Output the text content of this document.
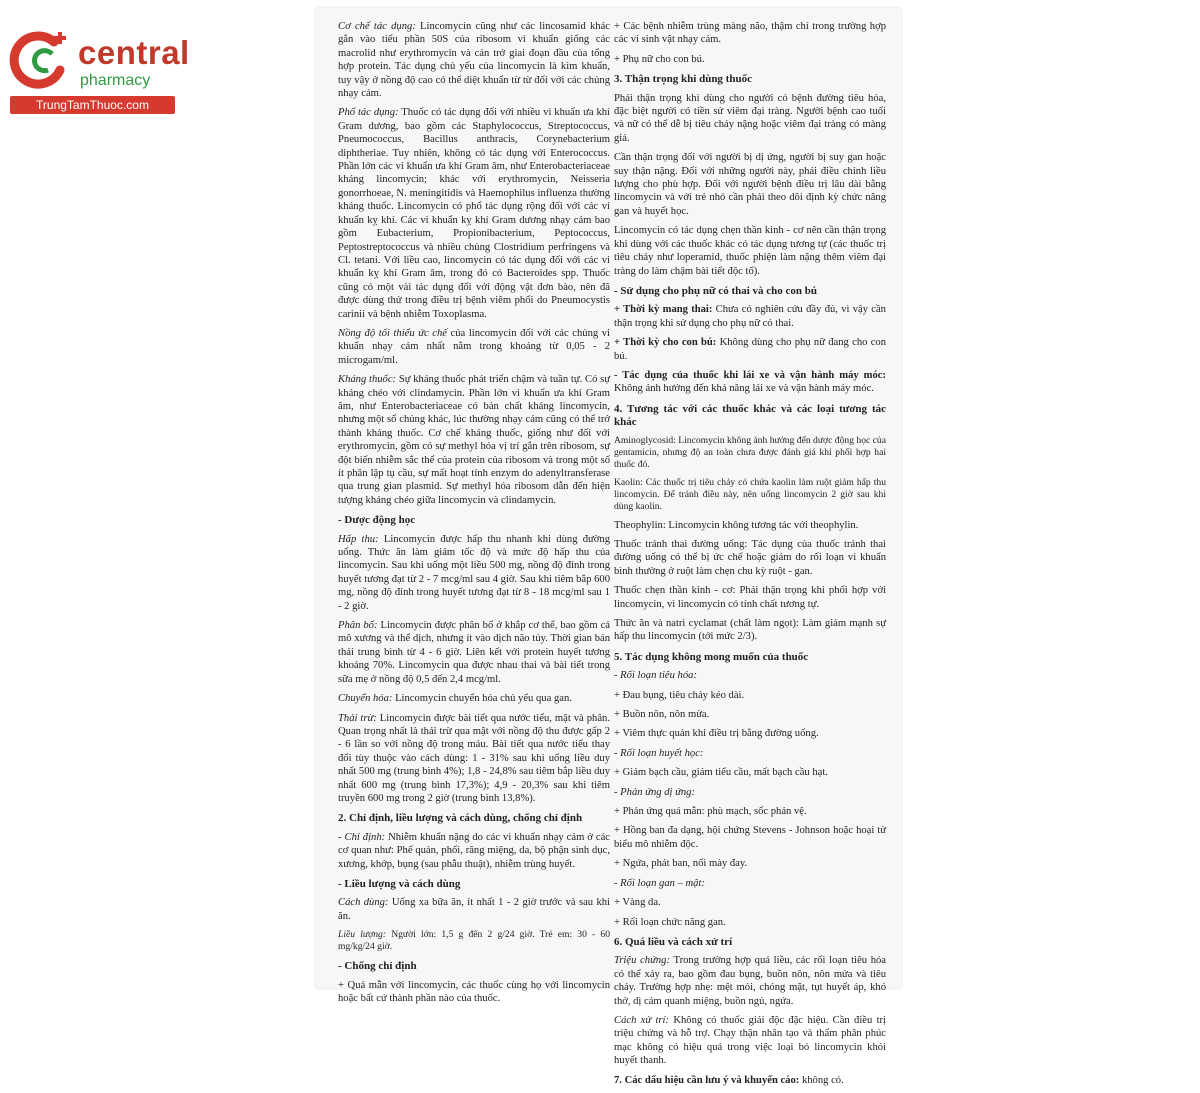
central
pharmacy
TrungTamThuoc.com

Cơ chế tác dụng: Lincomycin cũng như các lincosamid khác gắn vào tiểu phần 50S của ribosom vi khuẩn giống các macrolid như erythromycin và cản trở giai đoạn đầu của tổng hợp protein. Tác dụng chủ yếu của lincomycin là kìm khuẩn, tuy vậy ở nồng độ cao có thể diệt khuẩn từ từ đối với các chủng nhạy cảm.

Phổ tác dụng: Thuốc có tác dụng đối với nhiều vi khuẩn ưa khí Gram dương, bao gồm các Staphylococcus, Streptococcus, Pneumococcus, Bacillus anthracis, Corynebacterium diphtheriae. Tuy nhiên, không có tác dụng với Enterococcus. Phần lớn các vi khuẩn ưa khí Gram âm, như Enterobacteriaceae kháng lincomycin; khác với erythromycin, Neisseria gonorrhoeae, N. meningitidis và Haemophilus influenza thường kháng thuốc. Lincomycin có phổ tác dụng rộng đối với các vi khuẩn kỵ khí. Các vi khuẩn kỵ khí Gram dương nhạy cảm bao gồm Eubacterium, Propionibacterium, Peptococcus, Peptostreptococcus và nhiều chủng Clostridium perfringens và Cl. tetani. Với liều cao, lincomycin có tác dụng đối với các vi khuẩn kỵ khí Gram âm, trong đó có Bacteroides spp. Thuốc cũng có một vài tác dụng đối với động vật đơn bào, nên đã được dùng thử trong điều trị bệnh viêm phổi do Pneumocystis carinii và bệnh nhiễm Toxoplasma.

Nồng độ tối thiểu ức chế của lincomycin đối với các chủng vi khuẩn nhạy cảm nhất nằm trong khoảng từ 0,05 - 2 microgam/ml.

Kháng thuốc: Sự kháng thuốc phát triển chậm và tuần tự. Có sự kháng chéo với clindamycin. Phần lớn vi khuẩn ưa khí Gram âm, như Enterobacteriaceae có bản chất kháng lincomycin, nhưng một số chủng khác, lúc thường nhạy cảm cũng có thể trở thành kháng thuốc. Cơ chế kháng thuốc, giống như đối với erythromycin, gồm có sự methyl hóa vị trí gắn trên ribosom, sự đột biến nhiễm sắc thể của protein của ribosom và trong một số ít phân lập tụ cầu, sự mất hoạt tính enzym do adenyltransferase qua trung gian plasmid. Sự methyl hóa ribosom dẫn đến hiện tượng kháng chéo giữa lincomycin và clindamycin.

- Dược động học

Hấp thu: Lincomycin được hấp thu nhanh khi dùng đường uống. Thức ăn làm giảm tốc độ và mức độ hấp thu của lincomycin. Sau khi uống một liều 500 mg, nồng độ đỉnh trong huyết tương đạt từ 2 - 7 mcg/ml sau 4 giờ. Sau khi tiêm bắp 600 mg, nồng độ đỉnh trong huyết tương đạt từ 8 - 18 mcg/ml sau 1 - 2 giờ.

Phân bố: Lincomycin được phân bố ở khắp cơ thể, bao gồm cả mô xương và thể dịch, nhưng ít vào dịch não tủy. Thời gian bán thải trung bình từ 4 - 6 giờ. Liên kết với protein huyết tương khoảng 70%. Lincomycin qua được nhau thai và bài tiết trong sữa mẹ ở nồng độ 0,5 đến 2,4 mcg/ml.

Chuyển hóa: Lincomycin chuyển hóa chủ yếu qua gan.

Thải trừ: Lincomycin được bài tiết qua nước tiểu, mật và phân. Quan trọng nhất là thải trừ qua mật với nồng độ thu được gấp 2 - 6 lần so với nồng độ trong máu. Bài tiết qua nước tiểu thay đổi tùy thuộc vào cách dùng: 1 - 31% sau khi uống liều duy nhất 500 mg (trung bình 4%); 1,8 - 24,8% sau tiêm bắp liều duy nhất 600 mg (trung bình 17,3%); 4,9 - 20,3% sau khi tiêm truyền 600 mg trong 2 giờ (trung bình 13,8%).

2. Chỉ định, liều lượng và cách dùng, chống chỉ định

- Chỉ định: Nhiễm khuẩn nặng do các vi khuẩn nhạy cảm ở các cơ quan như: Phế quản, phổi, răng miệng, da, bộ phận sinh dục, xương, khớp, bụng (sau phẫu thuật), nhiễm trùng huyết.

- Liều lượng và cách dùng

Cách dùng: Uống xa bữa ăn, ít nhất 1 - 2 giờ trước và sau khi ăn.

Liều lượng: Người lớn: 1,5 g đến 2 g/24 giờ. Trẻ em: 30 - 60 mg/kg/24 giờ.

- Chống chỉ định

+ Quá mẫn với lincomycin, các thuốc cùng họ với lincomycin hoặc bất cứ thành phần nào của thuốc.

+ Các bệnh nhiễm trùng màng não, thậm chí trong trường hợp các vi sinh vật nhạy cảm.

+ Phụ nữ cho con bú.

3. Thận trọng khi dùng thuốc

Phải thận trọng khi dùng cho người có bệnh đường tiêu hóa, đặc biệt người có tiền sử viêm đại tràng. Người bệnh cao tuổi và nữ có thể dễ bị tiêu chảy nặng hoặc viêm đại tràng có màng giả.

Cần thận trọng đối với người bị dị ứng, người bị suy gan hoặc suy thận nặng. Đối với những người này, phải điều chỉnh liều lượng cho phù hợp. Đối với người bệnh điều trị lâu dài bằng lincomycin và với trẻ nhỏ cần phải theo dõi định kỳ chức năng gan và huyết học.

Lincomycin có tác dụng chẹn thần kinh - cơ nên cần thận trọng khi dùng với các thuốc khác có tác dụng tương tự (các thuốc trị tiêu chảy như loperamid, thuốc phiện làm nặng thêm viêm đại tràng do làm chậm bài tiết độc tố).

- Sử dụng cho phụ nữ có thai và cho con bú

+ Thời kỳ mang thai: Chưa có nghiên cứu đầy đủ, vì vậy cần thận trọng khi sử dụng cho phụ nữ có thai.

+ Thời kỳ cho con bú: Không dùng cho phụ nữ đang cho con bú.

- Tác dụng của thuốc khi lái xe và vận hành máy móc: Không ảnh hưởng đến khả năng lái xe và vận hành máy móc.

4. Tương tác với các thuốc khác và các loại tương tác khác

Aminoglycosid: Lincomycin không ảnh hưởng đến dược động học của gentamicin, nhưng độ an toàn chưa được đánh giá khi phối hợp hai thuốc đó.

Kaolin: Các thuốc trị tiêu chảy có chứa kaolin làm ruột giảm hấp thu lincomycin. Để tránh điều này, nên uống lincomycin 2 giờ sau khi dùng kaolin.

Theophylin: Lincomycin không tương tác với theophylin.

Thuốc tránh thai đường uống: Tác dụng của thuốc tránh thai đường uống có thể bị ức chế hoặc giảm do rối loạn vi khuẩn bình thường ở ruột làm chẹn chu kỳ ruột - gan.

Thuốc chẹn thần kinh - cơ: Phải thận trọng khi phối hợp với lincomycin, vì lincomycin có tính chất tương tự.

Thức ăn và natri cyclamat (chất làm ngọt): Làm giảm mạnh sự hấp thu lincomycin (tới mức 2/3).

5. Tác dụng không mong muốn của thuốc

- Rối loạn tiêu hóa:

+ Đau bụng, tiêu chảy kéo dài.

+ Buồn nôn, nôn mửa.

+ Viêm thực quản khi điều trị bằng đường uống.

- Rối loạn huyết học:

+ Giảm bạch cầu, giảm tiểu cầu, mất bạch cầu hạt.

- Phản ứng dị ứng:

+ Phản ứng quá mẫn: phù mạch, sốc phản vệ.

+ Hồng ban đa dạng, hội chứng Stevens - Johnson hoặc hoại tử biểu mô nhiễm độc.

+ Ngứa, phát ban, nổi mày đay.

- Rối loạn gan – mật:

+ Vàng da.

+ Rối loạn chức năng gan.

6. Quá liều và cách xử trí

Triệu chứng: Trong trường hợp quá liều, các rối loạn tiêu hóa có thể xảy ra, bao gồm đau bụng, buồn nôn, nôn mửa và tiêu chảy. Trường hợp nhẹ: mệt mỏi, chóng mặt, tụt huyết áp, khó thở, dị cảm quanh miệng, buồn ngủ, ngứa.

Cách xử trí: Không có thuốc giải độc đặc hiệu. Cần điều trị triệu chứng và hỗ trợ. Chạy thận nhân tạo và thẩm phân phúc mạc không có hiệu quả trong việc loại bỏ lincomycin khỏi huyết thanh.

7. Các dấu hiệu cần lưu ý và khuyến cáo: không có.
